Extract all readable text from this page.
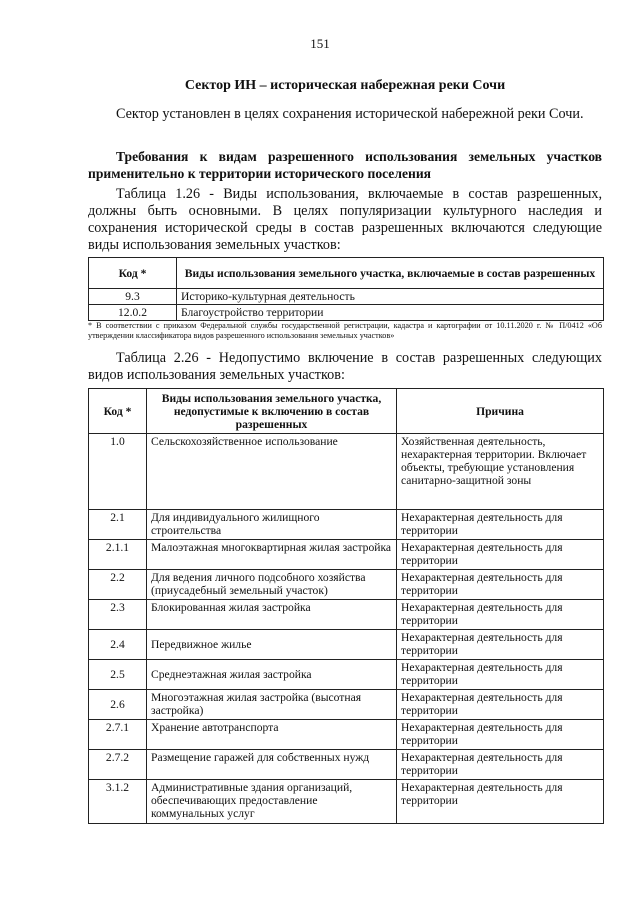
151
Сектор ИН – историческая набережная реки Сочи
Сектор установлен в целях сохранения исторической набережной реки Сочи.
Требования к видам разрешенного использования земельных участков применительно к территории исторического поселения
Таблица 1.26 - Виды использования, включаемые в состав разрешенных, должны быть основными. В целях популяризации культурного наследия и сохранения исторической среды в состав разрешенных включаются следующие виды использования земельных участков:
Код *	Виды использования земельного участка, включаемые в состав разрешенных
9.3	Историко-культурная деятельность
12.0.2	Благоустройство территории
* В соответствии с приказом Федеральной службы государственной регистрации, кадастра и картографии от 10.11.2020 г. № П/0412 «Об утверждении классификатора видов разрешенного использования земельных участков»
Таблица 2.26 - Недопустимо включение в состав разрешенных следующих видов использования земельных участков:
Код *	Виды использования земельного участка, недопустимые к включению в состав разрешенных	Причина
1.0	Сельскохозяйственное использование	Хозяйственная деятельность, нехарактерная территории. Включает объекты, требующие установления санитарно-защитной зоны
2.1	Для индивидуального жилищного строительства	Нехарактерная деятельность для территории
2.1.1	Малоэтажная многоквартирная жилая застройка	Нехарактерная деятельность для территории
2.2	Для ведения личного подсобного хозяйства (приусадебный земельный участок)	Нехарактерная деятельность для территории
2.3	Блокированная жилая застройка	Нехарактерная деятельность для территории
2.4	Передвижное жилье	Нехарактерная деятельность для территории
2.5	Среднеэтажная жилая застройка	Нехарактерная деятельность для территории
2.6	Многоэтажная жилая застройка (высотная застройка)	Нехарактерная деятельность для территории
2.7.1	Хранение автотранспорта	Нехарактерная деятельность для территории
2.7.2	Размещение гаражей для собственных нужд	Нехарактерная деятельность для территории
3.1.2	Административные здания организаций, обеспечивающих предоставление коммунальных услуг	Нехарактерная деятельность для территории
